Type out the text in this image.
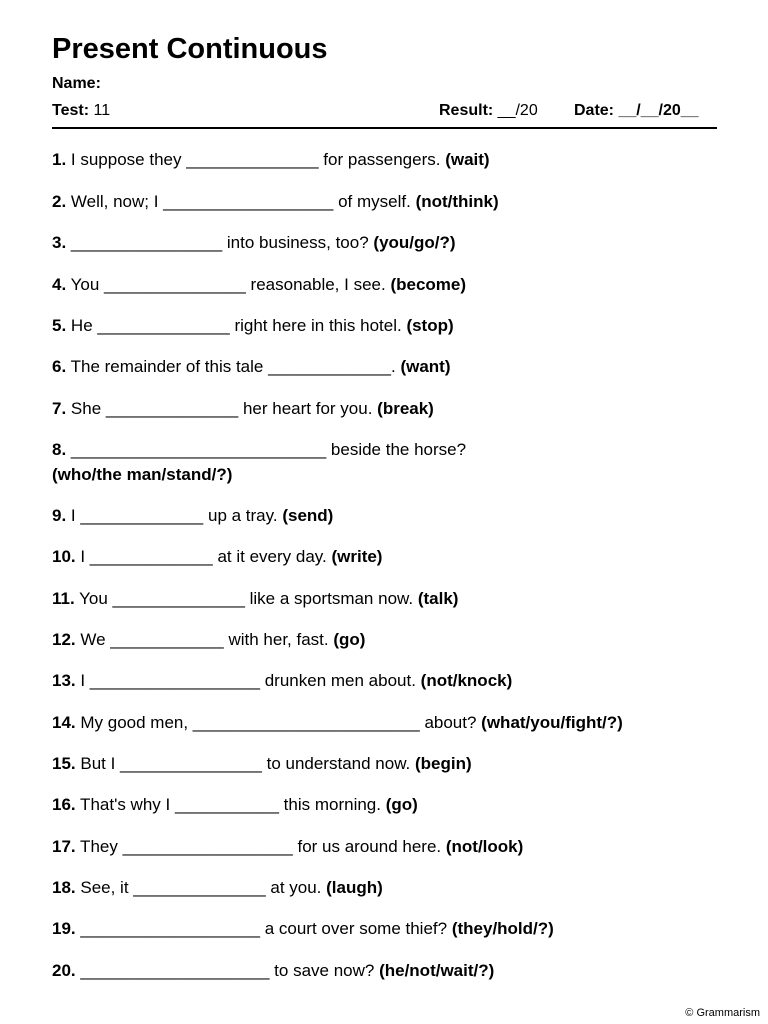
Present Continuous
Name:
Test: 11	Result: __/20 Date: __/__/20__
1. I suppose they ______________ for passengers. (wait)
2. Well, now; I __________________ of myself. (not/think)
3. ________________ into business, too? (you/go/?)
4. You _______________ reasonable, I see. (become)
5. He ______________ right here in this hotel. (stop)
6. The remainder of this tale _____________. (want)
7. She ______________ her heart for you. (break)
8. ___________________________ beside the horse?
(who/the man/stand/?)
9. I _____________ up a tray. (send)
10. I _____________ at it every day. (write)
11. You ______________ like a sportsman now. (talk)
12. We ____________ with her, fast. (go)
13. I __________________ drunken men about. (not/knock)
14. My good men, ________________________ about? (what/you/fight/?)
15. But I _______________ to understand now. (begin)
16. That's why I ___________ this morning. (go)
17. They __________________ for us around here. (not/look)
18. See, it ______________ at you. (laugh)
19. ___________________ a court over some thief? (they/hold/?)
20. ____________________ to save now? (he/not/wait/?)
© Grammarism
